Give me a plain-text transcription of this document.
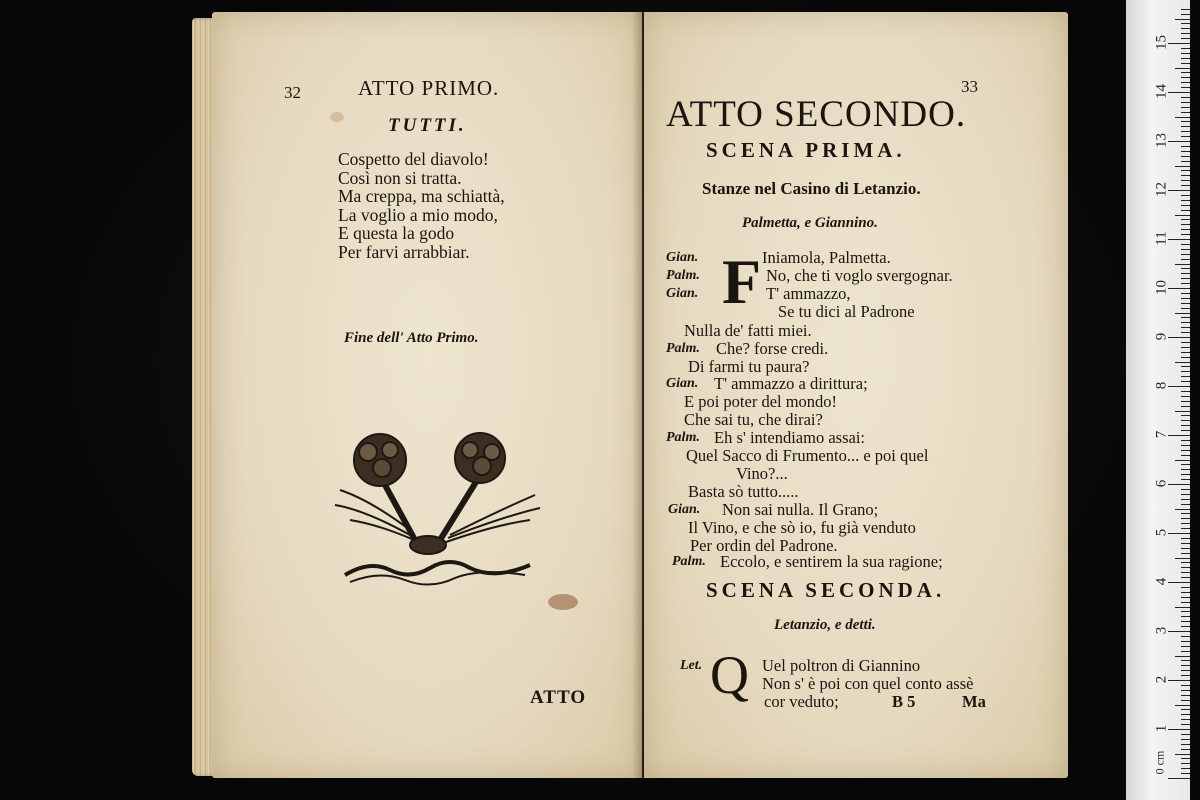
32	ATTO PRIMO.
TUTTI.
Cospetto del diavolo!
Così non si tratta.
Ma creppa, ma schiattà,
La voglio a mio modo,
E questa la godo
Per farvi arrabbiar.
Fine dell' Atto Primo.
ATTO
33
ATTO SECONDO.
SCENA PRIMA.
Stanze nel Casino di Letanzio.
Palmetta, e Giannino.
F
Gian.	Iniamola, Palmetta.
Palm.	No, che ti voglo svergognar.
Gian.	T' ammazzo,
Se tu dici al Padrone
Nulla de' fatti miei.
Palm. Che? forse credi.
Di farmi tu paura?
Gian. T' ammazzo a dirittura;
E poi poter del mondo!
Che sai tu, che dirai?
Palm. Eh s' intendiamo assai:
Quel Sacco di Frumento... e poi quel
Vino?...
Basta sò tutto.....
Gian. Non sai nulla. Il Grano;
Il Vino, e che sò io, fu già venduto
Per ordin del Padrone.
Palm. Eccolo, e sentirem la sua ragione;
SCENA SECONDA.
Letanzio, e detti.
Let. Q Uel poltron di Giannino
Non s' è poi con quel conto assè
cor veduto;	B 5	Ma
1
2
3
4
5
6
7
8
9
10
11
12
13
14
15
0 cm
